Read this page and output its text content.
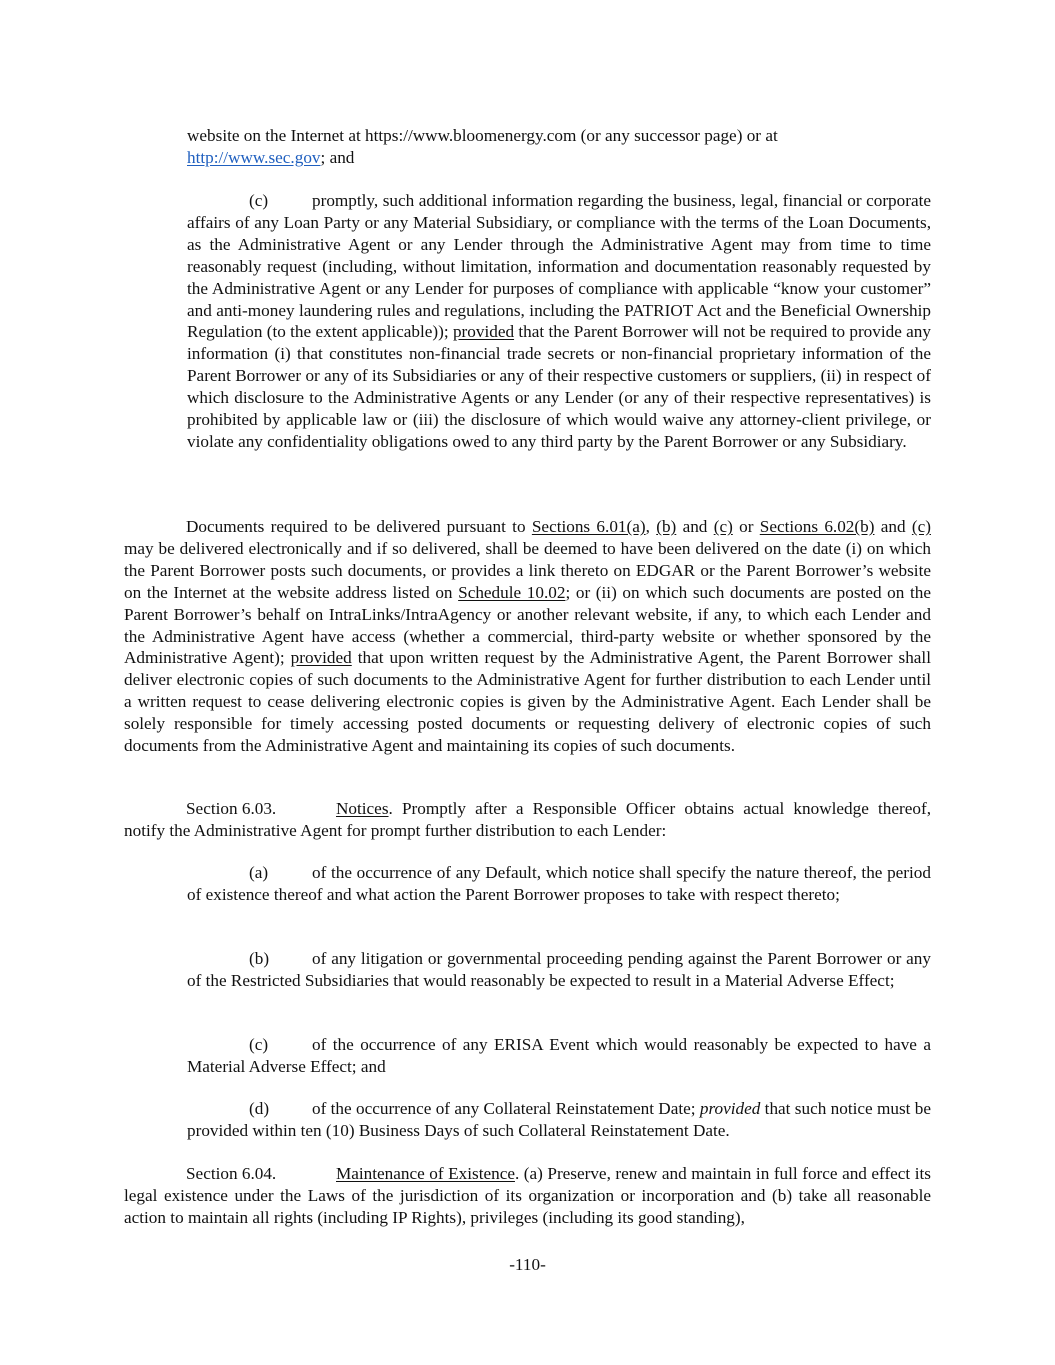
website on the Internet at https://www.bloomenergy.com (or any successor page) or at
http://www.sec.gov; and

(c)	promptly, such additional information regarding the business, legal, financial or corporate affairs of any Loan Party or any Material Subsidiary, or compliance with the terms of the Loan Documents, as the Administrative Agent or any Lender through the Administrative Agent may from time to time reasonably request (including, without limitation, information and documentation reasonably requested by the Administrative Agent or any Lender for purposes of compliance with applicable “know your customer” and anti-money laundering rules and regulations, including the PATRIOT Act and the Beneficial Ownership Regulation (to the extent applicable)); provided that the Parent Borrower will not be required to provide any information (i) that constitutes non-financial trade secrets or non-financial proprietary information of the Parent Borrower or any of its Subsidiaries or any of their respective customers or suppliers, (ii) in respect of which disclosure to the Administrative Agents or any Lender (or any of their respective representatives) is prohibited by applicable law or (iii) the disclosure of which would waive any attorney-client privilege, or violate any confidentiality obligations owed to any third party by the Parent Borrower or any Subsidiary.

Documents required to be delivered pursuant to Sections 6.01(a), (b) and (c) or Sections 6.02(b) and (c) may be delivered electronically and if so delivered, shall be deemed to have been delivered on the date (i) on which the Parent Borrower posts such documents, or provides a link thereto on EDGAR or the Parent Borrower’s website on the Internet at the website address listed on Schedule 10.02; or (ii) on which such documents are posted on the Parent Borrower’s behalf on IntraLinks/IntraAgency or another relevant website, if any, to which each Lender and the Administrative Agent have access (whether a commercial, third-party website or whether sponsored by the Administrative Agent); provided that upon written request by the Administrative Agent, the Parent Borrower shall deliver electronic copies of such documents to the Administrative Agent for further distribution to each Lender until a written request to cease delivering electronic copies is given by the Administrative Agent. Each Lender shall be solely responsible for timely accessing posted documents or requesting delivery of electronic copies of such documents from the Administrative Agent and maintaining its copies of such documents.

Section 6.03.	Notices. Promptly after a Responsible Officer obtains actual knowledge thereof, notify the Administrative Agent for prompt further distribution to each Lender:

(a)	of the occurrence of any Default, which notice shall specify the nature thereof, the period of existence thereof and what action the Parent Borrower proposes to take with respect thereto;

(b) of any litigation or governmental proceeding pending against the Parent Borrower or any of the Restricted Subsidiaries that would reasonably be expected to result in a Material Adverse Effect;

(c)	of the occurrence of any ERISA Event which would reasonably be expected to have a Material Adverse Effect; and

(d) of the occurrence of any Collateral Reinstatement Date; provided that such notice must be provided within ten (10) Business Days of such Collateral Reinstatement Date.

Section 6.04.	Maintenance of Existence. (a) Preserve, renew and maintain in full force and effect its legal existence under the Laws of the jurisdiction of its organization or incorporation and (b) take all reasonable action to maintain all rights (including IP Rights), privileges (including its good standing),

-110-
